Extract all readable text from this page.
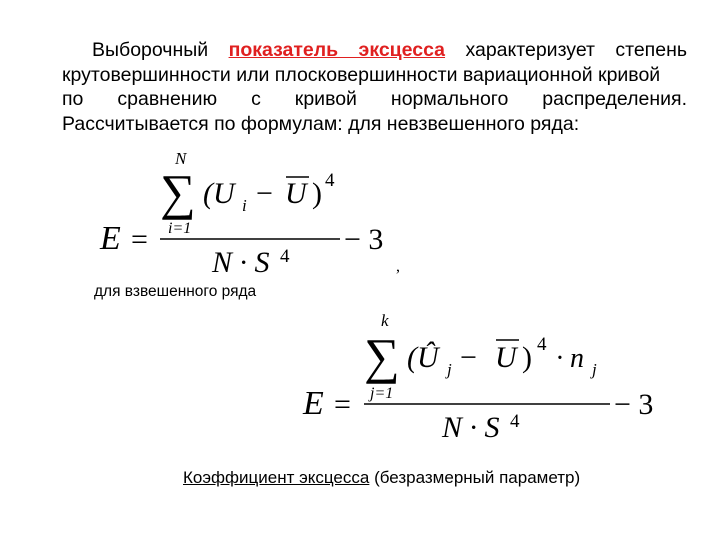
Выборочный показатель эксцесса характеризует степень
крутовершинности или плосковершинности вариационной кривой
по сравнению с кривой нормального распределения.
Рассчитывается по формулам: для невзвешенного ряда:
E =
N
∑
i=1
(U i − U ) 4
N · S 4
− 3
,
E =
k
∑
j=1
(Û j − U ) 4 · n j
N · S 4
− 3
для взвешенного ряда
Коэффициент эксцесса (безразмерный параметр)
